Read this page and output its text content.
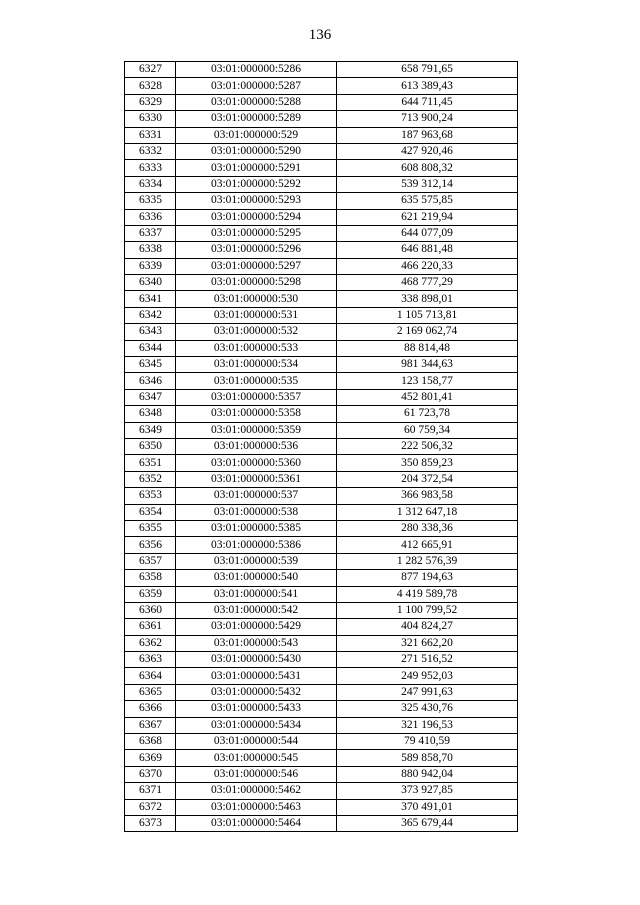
136
6327	03:01:000000:5286	658 791,65
6328	03:01:000000:5287	613 389,43
6329	03:01:000000:5288	644 711,45
6330	03:01:000000:5289	713 900,24
6331	03:01:000000:529	187 963,68
6332	03:01:000000:5290	427 920,46
6333	03:01:000000:5291	608 808,32
6334	03:01:000000:5292	539 312,14
6335	03:01:000000:5293	635 575,85
6336	03:01:000000:5294	621 219,94
6337	03:01:000000:5295	644 077,09
6338	03:01:000000:5296	646 881,48
6339	03:01:000000:5297	466 220,33
6340	03:01:000000:5298	468 777,29
6341	03:01:000000:530	338 898,01
6342	03:01:000000:531	1 105 713,81
6343	03:01:000000:532	2 169 062,74
6344	03:01:000000:533	88 814,48
6345	03:01:000000:534	981 344,63
6346	03:01:000000:535	123 158,77
6347	03:01:000000:5357	452 801,41
6348	03:01:000000:5358	61 723,78
6349	03:01:000000:5359	60 759,34
6350	03:01:000000:536	222 506,32
6351	03:01:000000:5360	350 859,23
6352	03:01:000000:5361	204 372,54
6353	03:01:000000:537	366 983,58
6354	03:01:000000:538	1 312 647,18
6355	03:01:000000:5385	280 338,36
6356	03:01:000000:5386	412 665,91
6357	03:01:000000:539	1 282 576,39
6358	03:01:000000:540	877 194,63
6359	03:01:000000:541	4 419 589,78
6360	03:01:000000:542	1 100 799,52
6361	03:01:000000:5429	404 824,27
6362	03:01:000000:543	321 662,20
6363	03:01:000000:5430	271 516,52
6364	03:01:000000:5431	249 952,03
6365	03:01:000000:5432	247 991,63
6366	03:01:000000:5433	325 430,76
6367	03:01:000000:5434	321 196,53
6368	03:01:000000:544	79 410,59
6369	03:01:000000:545	589 858,70
6370	03:01:000000:546	880 942,04
6371	03:01:000000:5462	373 927,85
6372	03:01:000000:5463	370 491,01
6373	03:01:000000:5464	365 679,44
